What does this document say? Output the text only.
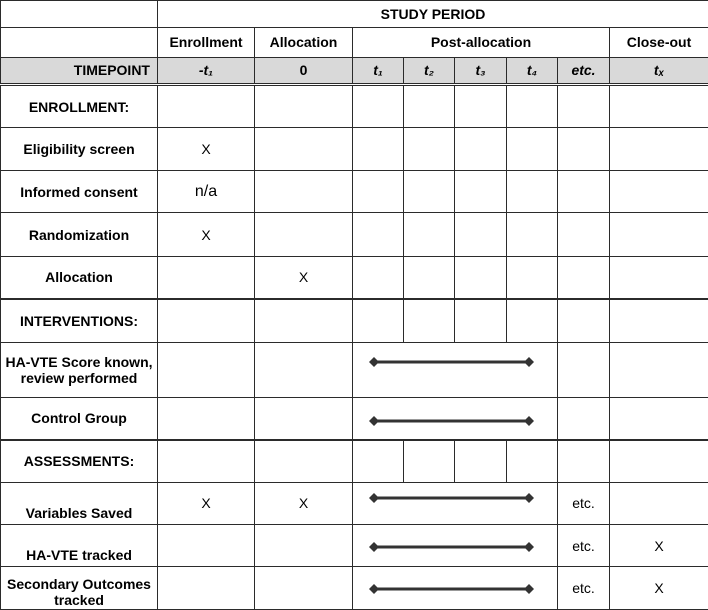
	STUDY PERIOD							
	Enrollment	Allocation	Post-allocation					Close-out
TIMEPOINT	-t₁	0	t₁	t₂	t₃	t₄	etc.	tₓ
ENROLLMENT:								
Eligibility screen	X							
Informed consent	n/a							
Randomization	X							
Allocation		X						
INTERVENTIONS:								
HA-VTE Score known, review performed								
Control Group								
ASSESSMENTS:								
Variables Saved	X	X					etc.	
HA-VTE tracked							etc.	X
Secondary Outcomes tracked							etc.	X
